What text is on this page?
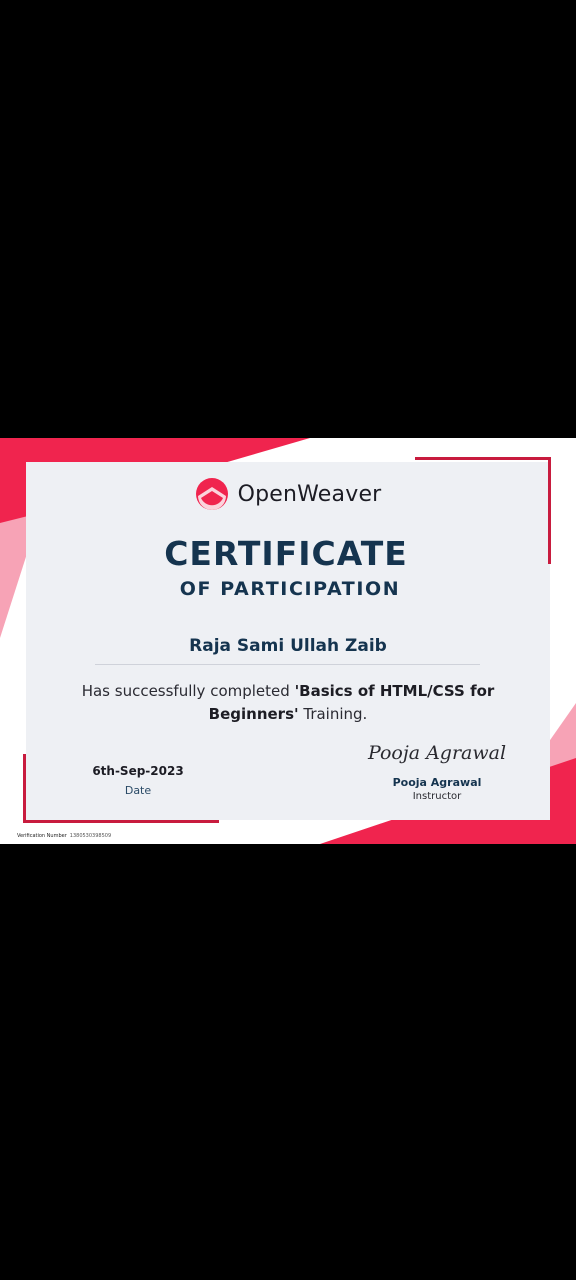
OpenWeaver
CERTIFICATE
OF PARTICIPATION
Raja Sami Ullah Zaib
Has successfully completed 'Basics of HTML/CSS for Beginners' Training.
6th-Sep-2023
Date
Pooja Agrawal
Pooja Agrawal
Instructor
Verification Number 1380530398509
